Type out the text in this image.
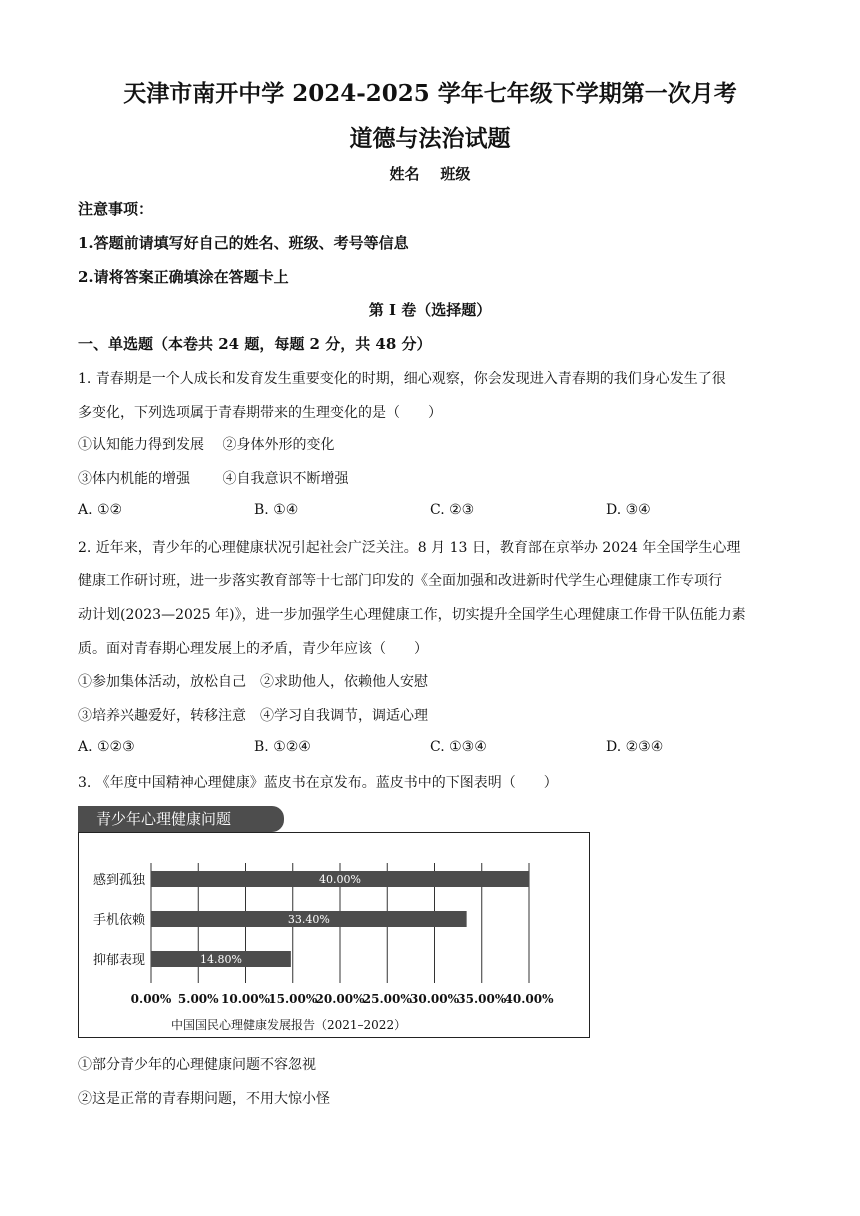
天津市南开中学 2024-2025 学年七年级下学期第一次月考
道德与法治试题
姓名    班级
注意事项：
1.答题前请填写好自己的姓名、班级、考号等信息
2.请将答案正确填涂在答题卡上
第 I 卷（选择题）
一、单选题（本卷共 24 题，每题 2 分，共 48 分）
1. 青春期是一个人成长和发育发生重要变化的时期，细心观察，你会发现进入青春期的我们身心发生了很
多变化，下列选项属于青春期带来的生理变化的是（　　）
①认知能力得到发展　 ②身体外形的变化
③体内机能的增强　　 ④自我意识不断增强
A. ①②	B. ①④	C. ②③	D. ③④
2. 近年来，青少年的心理健康状况引起社会广泛关注。8 月 13 日，教育部在京举办 2024 年全国学生心理
健康工作研讨班，进一步落实教育部等十七部门印发的《全面加强和改进新时代学生心理健康工作专项行
动计划(2023—2025 年)》，进一步加强学生心理健康工作，切实提升全国学生心理健康工作骨干队伍能力素
质。面对青春期心理发展上的矛盾，青少年应该（　　）
①参加集体活动，放松自己　②求助他人，依赖他人安慰
③培养兴趣爱好，转移注意　④学习自我调节，调适心理
A. ①②③	B. ①②④	C. ①③④	D. ②③④
3. 《年度中国精神心理健康》蓝皮书在京发布。蓝皮书中的下图表明（　　）
青少年心理健康问题
感到孤独	40.00%
手机依赖	33.40%
抑郁表现	14.80%
0.00% 5.00% 10.00%
15.00%
20.00%
25.00%
30.00%
35.00%
40.00%
中国国民心理健康发展报告（2021–2022）
①部分青少年的心理健康问题不容忽视
②这是正常的青春期问题，不用大惊小怪
